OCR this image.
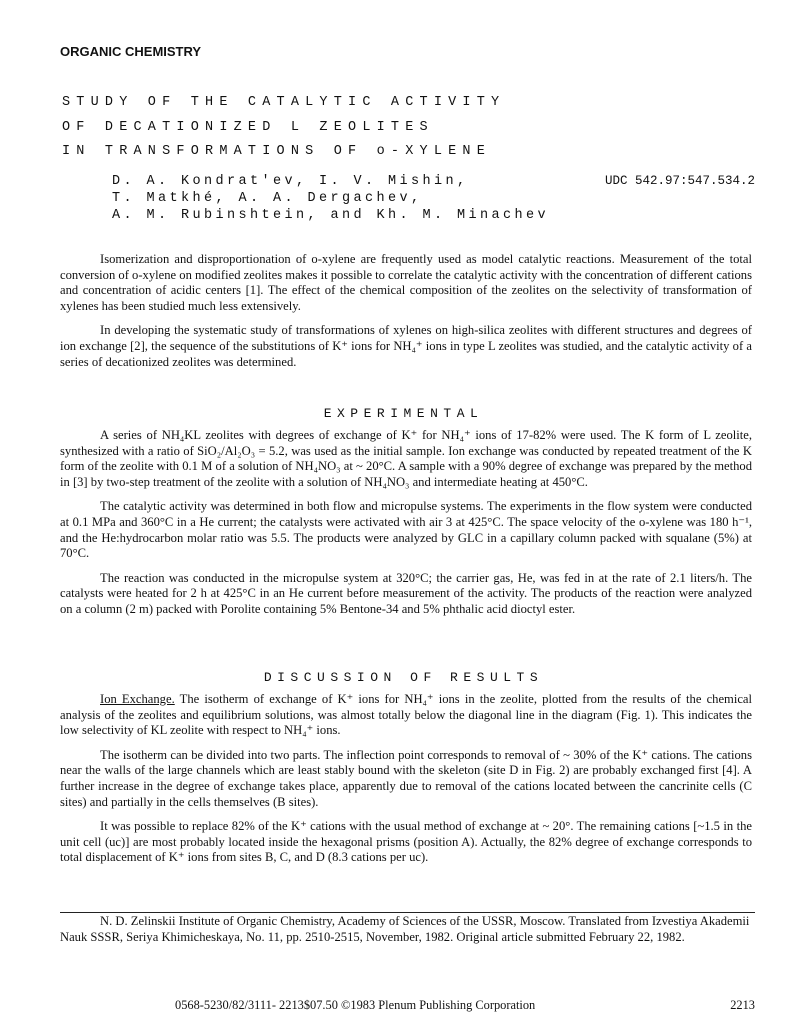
ORGANIC CHEMISTRY
STUDY OF THE CATALYTIC ACTIVITY
OF DECATIONIZED L ZEOLITES
IN TRANSFORMATIONS OF o-XYLENE
D. A. Kondrat'ev, I. V. Mishin,
T. Matkhé, A. A. Dergachev,
A. M. Rubinshtein, and Kh. M. Minachev
UDC 542.97:547.534.2

Isomerization and disproportionation of o-xylene are frequently used as model catalytic reactions. Measurement of the total conversion of o-xylene on modified zeolites makes it possible to correlate the catalytic activity with the concentration of different cations and concentration of acidic centers [1]. The effect of the chemical composition of the zeolites on the selectivity of transformation of xylenes has been studied much less extensively.

In developing the systematic study of transformations of xylenes on high-silica zeolites with different structures and degrees of ion exchange [2], the sequence of the substitutions of K⁺ ions for NH₄⁺ ions in type L zeolites was studied, and the catalytic activity of a series of decationized zeolites was determined.

EXPERIMENTAL

A series of NH₄KL zeolites with degrees of exchange of K⁺ for NH₄⁺ ions of 17-82% were used. The K form of L zeolite, synthesized with a ratio of SiO₂/Al₂O₃ = 5.2, was used as the initial sample. Ion exchange was conducted by repeated treatment of the K form of the zeolite with 0.1 M of a solution of NH₄NO₃ at ~ 20°C. A sample with a 90% degree of exchange was prepared by the method in [3] by two-step treatment of the zeolite with a solution of NH₄NO₃ and intermediate heating at 450°C.

The catalytic activity was determined in both flow and micropulse systems. The experiments in the flow system were conducted at 0.1 MPa and 360°C in a He current; the catalysts were activated with air 3 at 425°C. The space velocity of the o-xylene was 180 h⁻¹, and the He:hydrocarbon molar ratio was 5.5. The products were analyzed by GLC in a capillary column packed with squalane (5%) at 70°C.

The reaction was conducted in the micropulse system at 320°C; the carrier gas, He, was fed in at the rate of 2.1 liters/h. The catalysts were heated for 2 h at 425°C in an He current before measurement of the activity. The products of the reaction were analyzed on a column (2 m) packed with Porolite containing 5% Bentone-34 and 5% phthalic acid dioctyl ester.

DISCUSSION OF RESULTS

Ion Exchange. The isotherm of exchange of K⁺ ions for NH₄⁺ ions in the zeolite, plotted from the results of the chemical analysis of the zeolites and equilibrium solutions, was almost totally below the diagonal line in the diagram (Fig. 1). This indicates the low selectivity of KL zeolite with respect to NH₄⁺ ions.

The isotherm can be divided into two parts. The inflection point corresponds to removal of ~ 30% of the K⁺ cations. The cations near the walls of the large channels which are least stably bound with the skeleton (site D in Fig. 2) are probably exchanged first [4]. A further increase in the degree of exchange takes place, apparently due to removal of the cations located between the cancrinite cells (C sites) and partially in the cells themselves (B sites).

It was possible to replace 82% of the K⁺ cations with the usual method of exchange at ~ 20°. The remaining cations [~1.5 in the unit cell (uc)] are most probably located inside the hexagonal prisms (position A). Actually, the 82% degree of exchange corresponds to total displacement of K⁺ ions from sites B, C, and D (8.3 cations per uc).

N. D. Zelinskii Institute of Organic Chemistry, Academy of Sciences of the USSR, Moscow. Translated from Izvestiya Akademii Nauk SSSR, Seriya Khimicheskaya, No. 11, pp. 2510-2515, November, 1982. Original article submitted February 22, 1982.

0568-5230/82/3111- 2213$07.50 ©1983 Plenum Publishing Corporation	2213
